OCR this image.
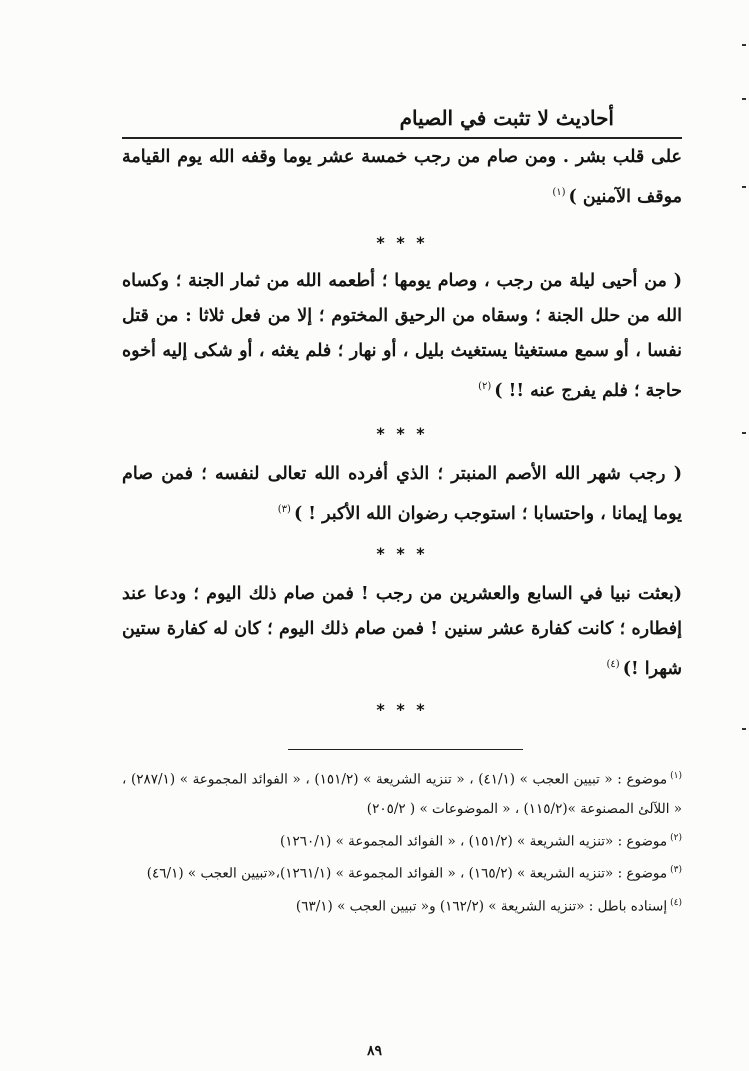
أحاديث لا تثبت في الصيام

على قلب بشر . ومن صام من رجب خمسة عشر يوما وقفه الله يوم القيامة موقف الآمنين )$^{(١)}$

* * *

( من أحيى ليلة من رجب ، وصام يومها ؛ أطعمه الله من ثمار الجنة ؛ وكساه الله من حلل الجنة ؛ وسقاه من الرحيق المختوم ؛ إلا من فعل ثلاثا : من قتل نفسا ، أو سمع مستغيثا يستغيث بليل ، أو نهار ؛ فلم يغثه ، أو شكى إليه أخوه حاجة ؛ فلم يفرج عنه !! )$^{(٢)}$

* * *

( رجب شهر الله الأصم المنبتر ؛ الذي أفرده الله تعالى لنفسه ؛ فمن صام يوما إيمانا ، واحتسابا ؛ استوجب رضوان الله الأكبر ! )$^{(٣)}$

* * *

(بعثت نبيا في السابع والعشرين من رجب ! فمن صام ذلك اليوم ؛ ودعا عند إفطاره ؛ كانت كفارة عشر سنين ! فمن صام ذلك اليوم ؛ كان له كفارة ستين شهرا !)$^{(٤)}$

* * *

$^{(١)}$موضوع : « تبيين العجب » (٤١/١) ، « تنزيه الشريعة » (١٥١/٢) ، « الفوائد المجموعة » (٢٨٧/١) ، « اللآلئ المصنوعة »(١١٥/٢) ، « الموضوعات » ( ٢٠٥/٢)

$^{(٢)}$موضوع : «تنزيه الشريعة » (١٥١/٢) ، « الفوائد المجموعة » (١٢٦٠/١)

$^{(٣)}$موضوع : «تنزيه الشريعة » (١٦٥/٢) ، « الفوائد المجموعة » (١٢٦١/١)،«تبيين العجب » (٤٦/١)

$^{(٤)}$إسناده باطل : «تنزيه الشريعة » (١٦٢/٢) و« تبيين العجب » (٦٣/١)

٨٩
